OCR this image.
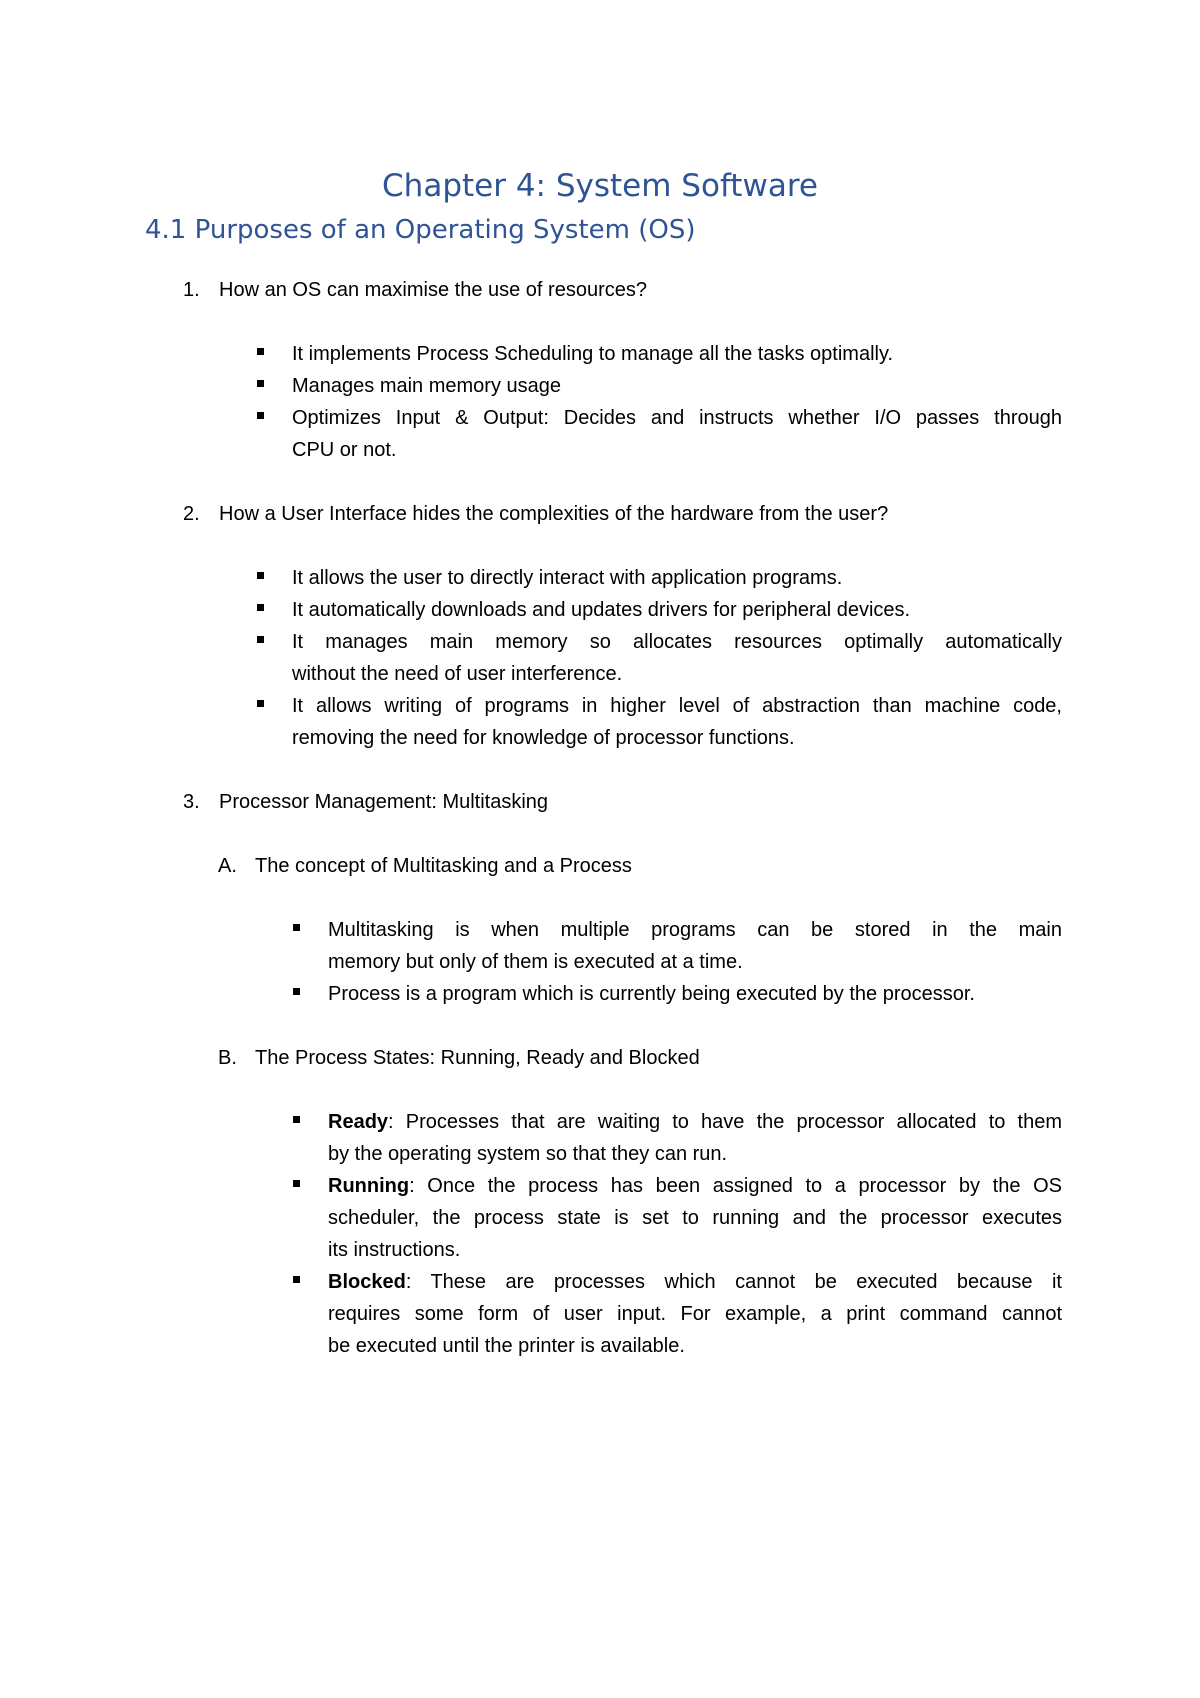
Chapter 4: System Software
4.1 Purposes of an Operating System (OS)
1. How an OS can maximise the use of resources?
It implements Process Scheduling to manage all the tasks optimally.
Manages main memory usage
Optimizes Input & Output: Decides and instructs whether I/O passes through
CPU or not.
2. How a User Interface hides the complexities of the hardware from the user?
It allows the user to directly interact with application programs.
It automatically downloads and updates drivers for peripheral devices.
It manages main memory so allocates resources optimally automatically
without the need of user interference.
It allows writing of programs in higher level of abstraction than machine code,
removing the need for knowledge of processor functions.
3. Processor Management: Multitasking
A. The concept of Multitasking and a Process
Multitasking is when multiple programs can be stored in the main
memory but only of them is executed at a time.
Process is a program which is currently being executed by the processor.
B. The Process States: Running, Ready and Blocked
Ready: Processes that are waiting to have the processor allocated to them
by the operating system so that they can run.
Running: Once the process has been assigned to a processor by the OS
scheduler, the process state is set to running and the processor executes
its instructions.
Blocked: These are processes which cannot be executed because it
requires some form of user input. For example, a print command cannot
be executed until the printer is available.
